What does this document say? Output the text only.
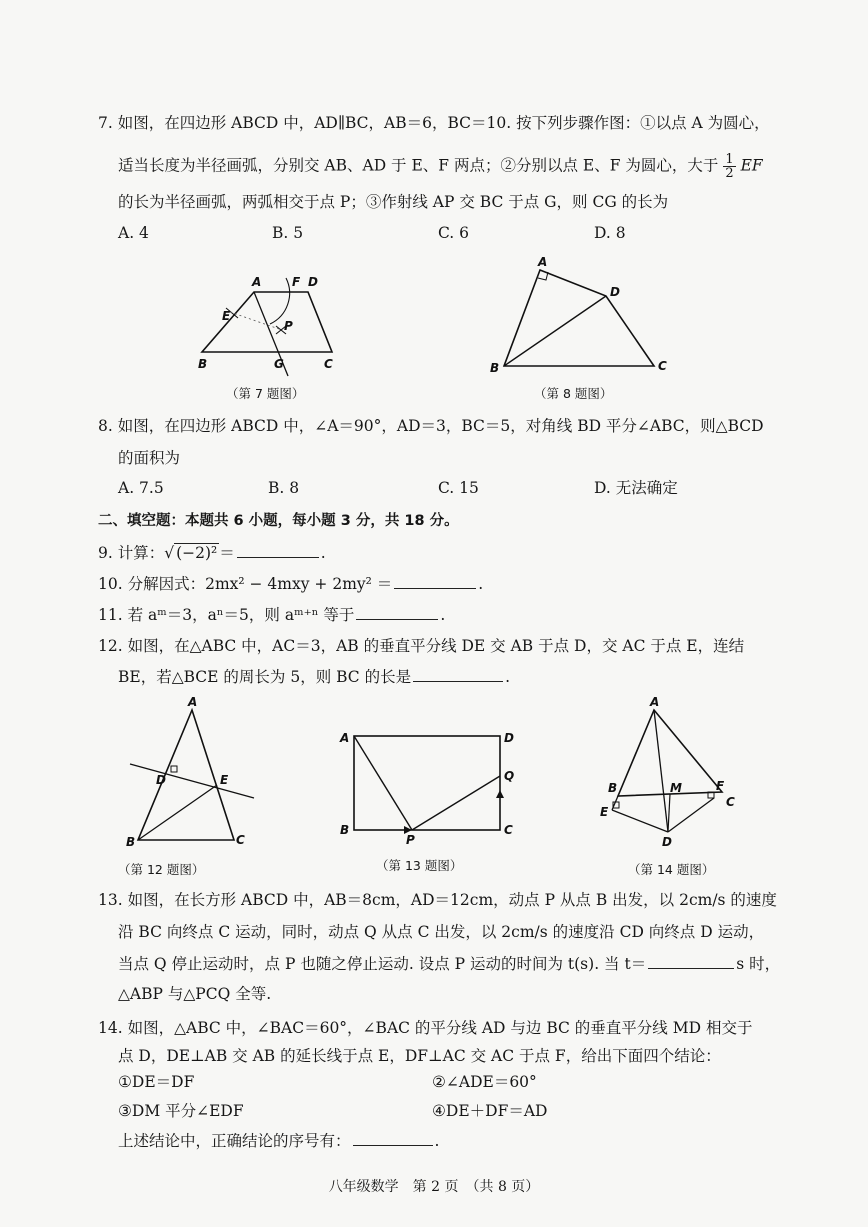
7. 如图，在四边形 ABCD 中，AD∥BC，AB＝6，BC＝10. 按下列步骤作图：①以点 A 为圆心，
适当长度为半径画弧，分别交 AB、AD 于 E、F 两点；②分别以点 E、F 为圆心，大于 $\frac{1}{2}$ EF
的长为半径画弧，两弧相交于点 P；③作射线 AP 交 BC 于点 G，则 CG 的长为
A. 4	B. 5	C. 6	D. 8
A	F D
E
P
B	G	C
（第 7 题图）
A
D
B	C
（第 8 题图）
8. 如图，在四边形 ABCD 中，∠A＝90°，AD＝3，BC＝5，对角线 BD 平分∠ABC，则△BCD
的面积为
A. 7.5	B. 8	C. 15	D. 无法确定
二、填空题：本题共 6 小题，每小题 3 分，共 18 分。
9. 计算：√ (−2)² ＝	.
10. 分解因式：2mx² − 4mxy + 2my² ＝	.
11. 若 aᵐ＝3，aⁿ＝5，则 aᵐ⁺ⁿ 等于	.
12. 如图，在△ABC 中，AC＝3，AB 的垂直平分线 DE 交 AB 于点 D，交 AC 于点 E，连结
BE，若△BCE 的周长为 5，则 BC 的长是	.
A
D	E
B	C
（第 12 题图）
A	D
Q
B
P
C
（第 13 题图）
A
B	M	F
C
E
D
（第 14 题图）
13. 如图，在长方形 ABCD 中，AB＝8cm，AD＝12cm，动点 P 从点 B 出发，以 2cm/s 的速度
沿 BC 向终点 C 运动，同时，动点 Q 从点 C 出发，以 2cm/s 的速度沿 CD 向终点 D 运动，
当点 Q 停止运动时，点 P 也随之停止运动. 设点 P 运动的时间为 t(s). 当 t＝	s 时，
△ABP 与△PCQ 全等.
14. 如图，△ABC 中，∠BAC＝60°，∠BAC 的平分线 AD 与边 BC 的垂直平分线 MD 相交于
点 D，DE⊥AB 交 AB 的延长线于点 E，DF⊥AC 交 AC 于点 F，给出下面四个结论：
①DE＝DF	②∠ADE＝60°
③DM 平分∠EDF	④DE＋DF＝AD
上述结论中，正确结论的序号有：	.
八年级数学　第 2 页　（共 8 页）
